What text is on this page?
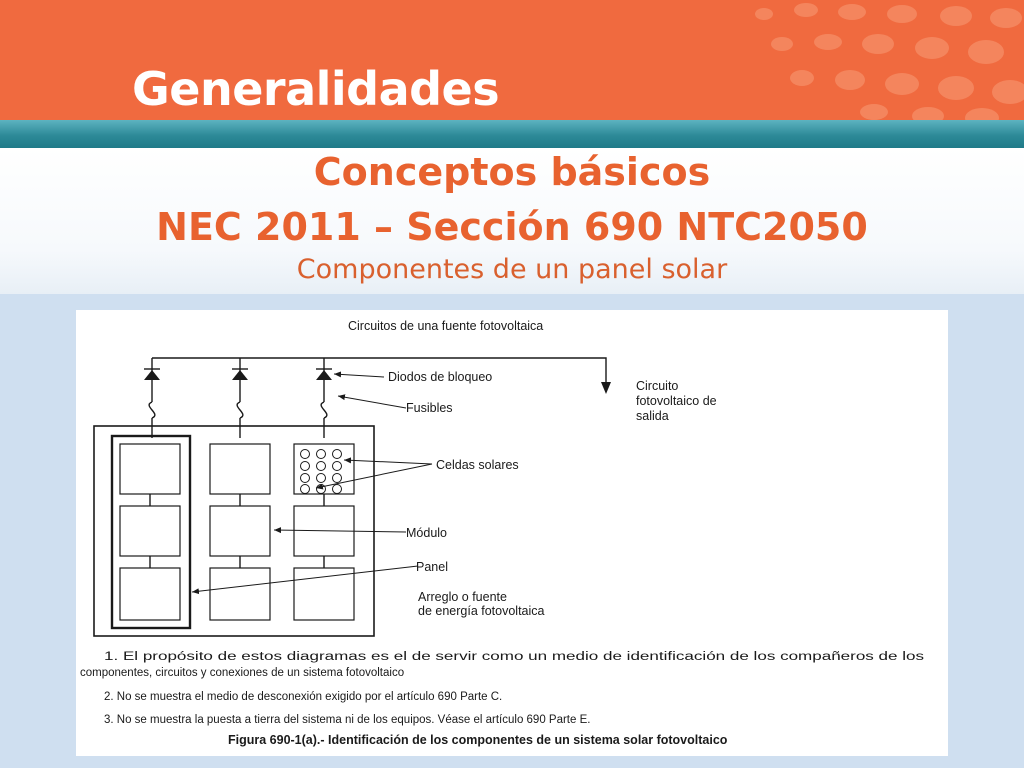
Generalidades
Conceptos básicos
NEC 2011 – Sección 690 NTC2050
Componentes de un panel solar
Circuitos de una fuente fotovoltaica
Diodos de bloqueo
Fusibles
Circuito
fotovoltaico de
salida
Celdas solares
Módulo
Panel
Arreglo o fuente
de energía fotovoltaica
1. El propósito de estos diagramas es el de servir como un medio de identificación de los compañeros de los
componentes, circuitos y conexiones de un sistema fotovoltaico
2. No se muestra el medio de desconexión exigido por el artículo 690 Parte C.
3. No se muestra la puesta a tierra del sistema ni de los equipos. Véase el artículo 690 Parte E.
Figura 690-1(a).- Identificación de los componentes de un sistema solar fotovoltaico
